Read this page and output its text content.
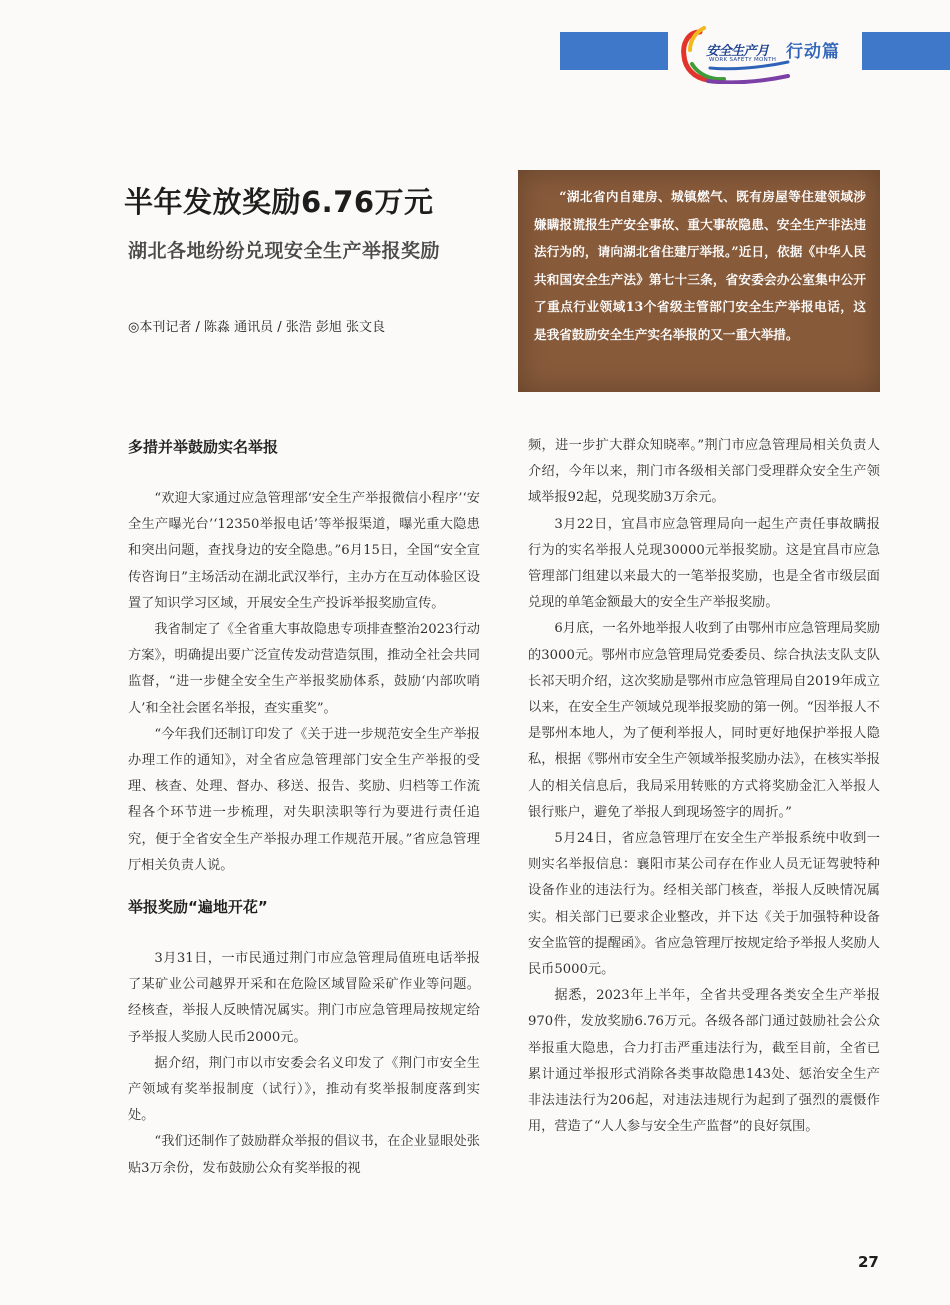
安全生产月
WORK SAFETY MONTH 行动篇
半年发放奖励6.76万元
湖北各地纷纷兑现安全生产举报奖励
◎本刊记者 / 陈淼 通讯员 / 张浩 彭旭 张文良

“湖北省内自建房、城镇燃气、既有房屋等住建领域涉嫌瞒报谎报生产安全事故、重大事故隐患、安全生产非法违法行为的，请向湖北省住建厅举报。”近日，依据《中华人民共和国安全生产法》第七十三条，省安委会办公室集中公开了重点行业领域13个省级主管部门安全生产举报电话，这是我省鼓励安全生产实名举报的又一重大举措。

多措并举鼓励实名举报

“欢迎大家通过应急管理部‘安全生产举报微信小程序’‘安全生产曝光台’‘12350举报电话’等举报渠道，曝光重大隐患和突出问题，查找身边的安全隐患。”6月15日，全国“安全宣传咨询日”主场活动在湖北武汉举行，主办方在互动体验区设置了知识学习区域，开展安全生产投诉举报奖励宣传。

我省制定了《全省重大事故隐患专项排查整治2023行动方案》，明确提出要广泛宣传发动营造氛围，推动全社会共同监督，“进一步健全安全生产举报奖励体系，鼓励‘内部吹哨人’和全社会匿名举报，查实重奖”。

“今年我们还制订印发了《关于进一步规范安全生产举报办理工作的通知》，对全省应急管理部门安全生产举报的受理、核查、处理、督办、移送、报告、奖励、归档等工作流程各个环节进一步梳理，对失职渎职等行为要进行责任追究，便于全省安全生产举报办理工作规范开展。”省应急管理厅相关负责人说。

举报奖励“遍地开花”

3月31日，一市民通过荆门市应急管理局值班电话举报了某矿业公司越界开采和在危险区域冒险采矿作业等问题。经核查，举报人反映情况属实。荆门市应急管理局按规定给予举报人奖励人民币2000元。

据介绍，荆门市以市安委会名义印发了《荆门市安全生产领域有奖举报制度（试行）》，推动有奖举报制度落到实处。

“我们还制作了鼓励群众举报的倡议书，在企业显眼处张贴3万余份，发布鼓励公众有奖举报的视

频，进一步扩大群众知晓率。”荆门市应急管理局相关负责人介绍，今年以来，荆门市各级相关部门受理群众安全生产领域举报92起，兑现奖励3万余元。

3月22日，宜昌市应急管理局向一起生产责任事故瞒报行为的实名举报人兑现30000元举报奖励。这是宜昌市应急管理部门组建以来最大的一笔举报奖励，也是全省市级层面兑现的单笔金额最大的安全生产举报奖励。

6月底，一名外地举报人收到了由鄂州市应急管理局奖励的3000元。鄂州市应急管理局党委委员、综合执法支队支队长祁天明介绍，这次奖励是鄂州市应急管理局自2019年成立以来，在安全生产领域兑现举报奖励的第一例。“因举报人不是鄂州本地人，为了便利举报人，同时更好地保护举报人隐私，根据《鄂州市安全生产领域举报奖励办法》，在核实举报人的相关信息后，我局采用转账的方式将奖励金汇入举报人银行账户，避免了举报人到现场签字的周折。”

5月24日，省应急管理厅在安全生产举报系统中收到一则实名举报信息：襄阳市某公司存在作业人员无证驾驶特种设备作业的违法行为。经相关部门核查，举报人反映情况属实。相关部门已要求企业整改，并下达《关于加强特种设备安全监管的提醒函》。省应急管理厅按规定给予举报人奖励人民币5000元。

据悉，2023年上半年，全省共受理各类安全生产举报970件，发放奖励6.76万元。各级各部门通过鼓励社会公众举报重大隐患，合力打击严重违法行为，截至目前，全省已累计通过举报形式消除各类事故隐患143处、惩治安全生产非法违法行为206起，对违法违规行为起到了强烈的震慑作用，营造了“人人参与安全生产监督”的良好氛围。

27
